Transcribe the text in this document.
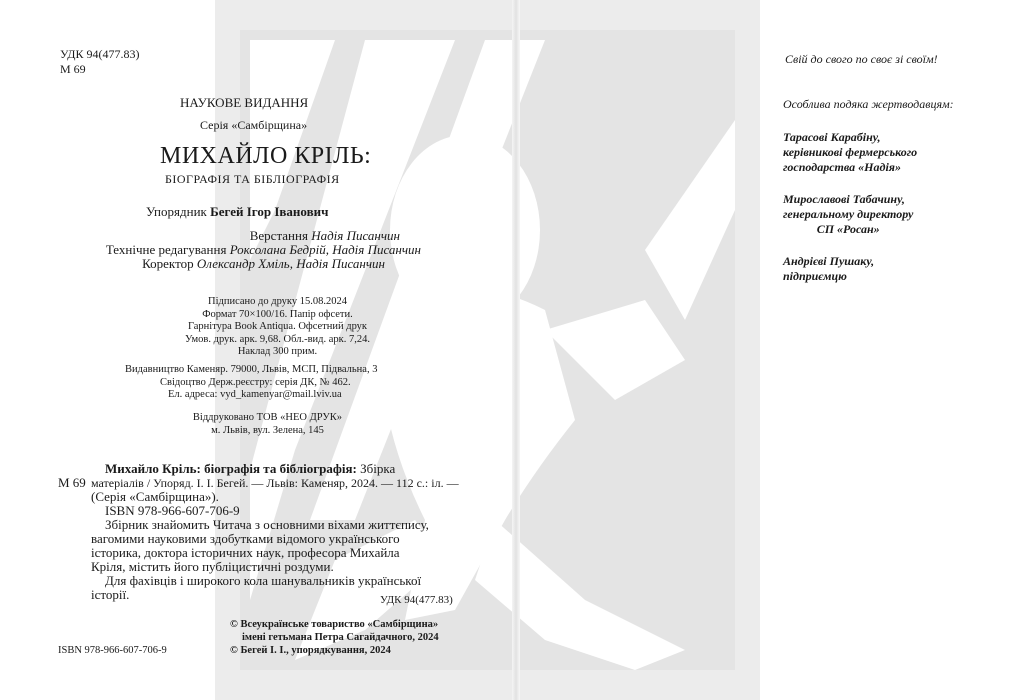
УДК 94(477.83)
М 69
НАУКОВЕ ВИДАННЯ
Серія «Самбірщина»
МИХАЙЛО КРІЛЬ:
БІОГРАФІЯ ТА БІБЛІОГРАФІЯ
Упорядник Бегей Ігор Іванович
Верстання Надія Писанчин
Технічне редагування Роксолана Бедрій, Надія Писанчин
Коректор Олександр Хміль, Надія Писанчин
Підписано до друку 15.08.2024
Формат 70×100/16. Папір офсети.
Гарнітура Book Antiqua. Офсетний друк
Умов. друк. арк. 9,68. Обл.-вид. арк. 7,24.
Наклад 300 прим.
Видавництво Каменяр. 79000, Львів, МСП, Підвальна, 3
Свідоцтво Держ.реєстру: серія ДК, № 462.
Ел. адреса: vyd_kamenyar@mail.lviv.ua
Віддруковано ТОВ «НЕО ДРУК»
м. Львів, вул. Зелена, 145
Михайло Кріль: біографія та бібліографія: Збірка
М 69 матеріалів / Упоряд. І. І. Бегей. — Львів: Каменяр, 2024. — 112 с.: іл. —
(Серія «Самбірщина»).
ISBN 978-966-607-706-9
Збірник знайомить Читача з основними віхами життєпису,
вагомими науковими здобутками відомого українського
історика, доктора історичних наук, професора Михайла
Кріля, містить його публіцистичні роздуми.
Для фахівців і широкого кола шанувальників української
історії.	УДК 94(477.83)
© Всеукраїнське товариство «Самбірщина»
імені гетьмана Петра Сагайдачного, 2024
© Бегей І. І., упорядкування, 2024
ISBN 978-966-607-706-9
Свій до свого по своє зі своїм!
Особлива подяка жертводавцям:
Тарасові Карабіну,
керівникові фермерського
господарства «Надія»
Мирославові Табачину,
генеральному директору
СП «Росан»
Андрієві Пушаку,
підприємцю
